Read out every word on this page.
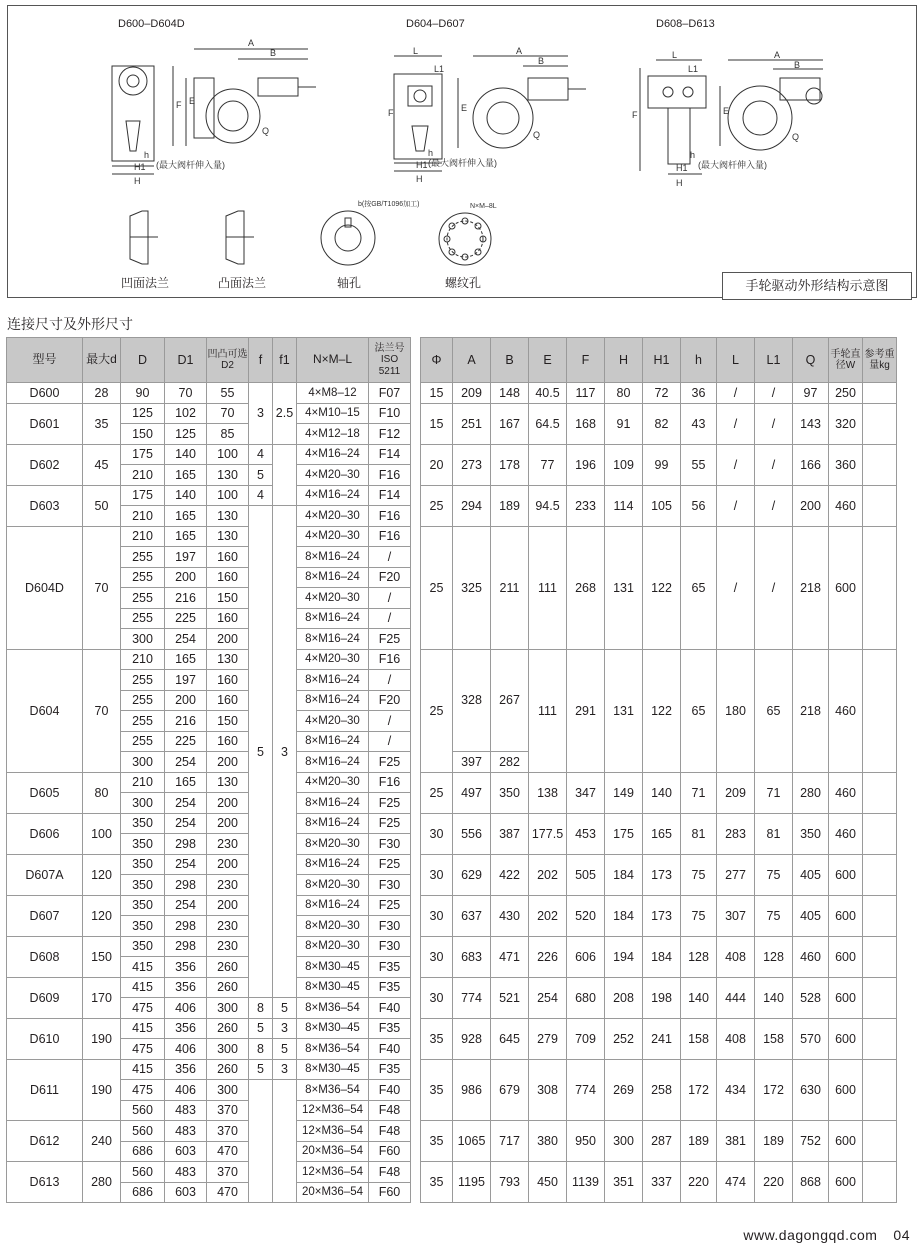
D600–D604D	D604–D607	D608–D613
A
B
F E
Q
H1
H
h
(最大阀杆伸入量)
A
B
L
L1
F	E
Q
H1
H
h
(最大阀杆伸入量)
A
B
L
L1
F	E
Q
H1
H
h
(最大阀杆伸入量)
b(按GB/T1096加工)	N×M–8L
凹面法兰	凸面法兰	轴孔	螺纹孔	手轮驱动外形结构示意图
连接尺寸及外形尺寸
型号	最大d	D	D1	凹凸可选D2	f	f1	N×M–L	法兰号ISO 5211		Φ	A	B	E	F	H	H1	h	L	L1	Q	手轮直径W	参考重量kg
D600	28	90	70	55	3	2.5	4×M8–12	F07		15	209	148	40.5	117	80	72	36	/	/	97	250	
D601	35	125	102	70			4×M10–15	F10		15	251	167	64.5	168	91	82	43	/	/	143	320	
		150	125	85			4×M12–18	F12														
D602	45	175	140	100	4		4×M16–24	F14		20	273	178	77	196	109	99	55	/	/	166	360	
		210	165	130	5		4×M20–30	F16														
D603	50	175	140	100	4		4×M16–24	F14		25	294	189	94.5	233	114	105	56	/	/	200	460	
		210	165	130	5	3	4×M20–30	F16														
D604D	70	210	165	130			4×M20–30	F16		25	325	211	111	268	131	122	65	/	/	218	600	
		255	197	160			8×M16–24	/														
		255	200	160			8×M16–24	F20														
		255	216	150			4×M20–30	/														
		255	225	160			8×M16–24	/														
		300	254	200			8×M16–24	F25														
D604	70	210	165	130			4×M20–30	F16		25	328	267	111	291	131	122	65	180	65	218	460	
		255	197	160			8×M16–24	/														
		255	200	160			8×M16–24	F20														
		255	216	150			4×M20–30	/														
		255	225	160			8×M16–24	/														
		300	254	200			8×M16–24	F25			397	282										
D605	80	210	165	130			4×M20–30	F16		25	497	350	138	347	149	140	71	209	71	280	460	
		300	254	200			8×M16–24	F25														
D606	100	350	254	200			8×M16–24	F25		30	556	387	177.5	453	175	165	81	283	81	350	460	
		350	298	230			8×M20–30	F30														
D607A	120	350	254	200			8×M16–24	F25		30	629	422	202	505	184	173	75	277	75	405	600	
		350	298	230			8×M20–30	F30														
D607	120	350	254	200			8×M16–24	F25		30	637	430	202	520	184	173	75	307	75	405	600	
		350	298	230			8×M20–30	F30														
D608	150	350	298	230			8×M20–30	F30		30	683	471	226	606	194	184	128	408	128	460	600	
		415	356	260			8×M30–45	F35														
D609	170	415	356	260			8×M30–45	F35		30	774	521	254	680	208	198	140	444	140	528	600	
		475	406	300	8	5	8×M36–54	F40														
D610	190	415	356	260	5	3	8×M30–45	F35		35	928	645	279	709	252	241	158	408	158	570	600	
		475	406	300	8	5	8×M36–54	F40														
D611	190	415	356	260	5	3	8×M30–45	F35		35	986	679	308	774	269	258	172	434	172	630	600	
		475	406	300			8×M36–54	F40														
		560	483	370			12×M36–54	F48														
D612	240	560	483	370			12×M36–54	F48		35	1065	717	380	950	300	287	189	381	189	752	600	
		686	603	470			20×M36–54	F60														
D613	280	560	483	370			12×M36–54	F48		35	1195	793	450	1139	351	337	220	474	220	868	600	
		686	603	470			20×M36–54	F60														
www.dagongqd.com 04
